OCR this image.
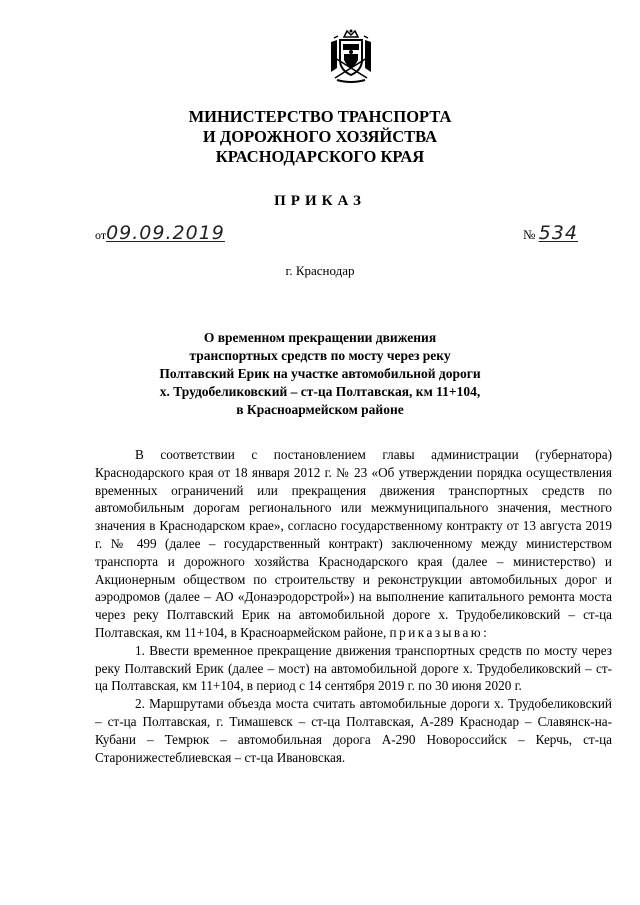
МИНИСТЕРСТВО ТРАНСПОРТА
И ДОРОЖНОГО ХОЗЯЙСТВА
КРАСНОДАРСКОГО КРАЯ
ПРИКАЗ
от09.09.2019	№ 534
г. Краснодар
О временном прекращении движения
транспортных средств по мосту через реку
Полтавский Ерик на участке автомобильной дороги
х. Трудобеликовский – ст-ца Полтавская, км 11+104,
в Красноармейском районе

В соответствии с постановлением главы администрации (губернатора) Краснодарского края от 18 января 2012 г. № 23 «Об утверждении порядка осуществления временных ограничений или прекращения движения транспортных средств по автомобильным дорогам регионального или межмуниципального значения, местного значения в Краснодарском крае», согласно государственному контракту от 13 августа 2019 г. № 499 (далее – государственный контракт) заключенному между министерством транспорта и дорожного хозяйства Краснодарского края (далее – министерство) и Акционерным обществом по строительству и реконструкции автомобильных дорог и аэродромов (далее – АО «Донаэродорстрой») на выполнение капитального ремонта моста через реку Полтавский Ерик на автомобильной дороге х. Трудобеликовский – ст-ца Полтавская, км 11+104, в Красноармейском районе, приказываю:

1. Ввести временное прекращение движения транспортных средств по мосту через реку Полтавский Ерик (далее – мост) на автомобильной дороге х. Трудобеликовский – ст-ца Полтавская, км 11+104, в период с 14 сентября 2019 г. по 30 июня 2020 г.

2. Маршрутами объезда моста считать автомобильные дороги х. Трудобеликовский – ст-ца Полтавская, г. Тимашевск – ст-ца Полтавская, А-289 Краснодар – Славянск-на-Кубани – Темрюк – автомобильная дорога А-290 Новороссийск – Керчь, ст-ца Старонижестеблиевская – ст-ца Ивановская.
